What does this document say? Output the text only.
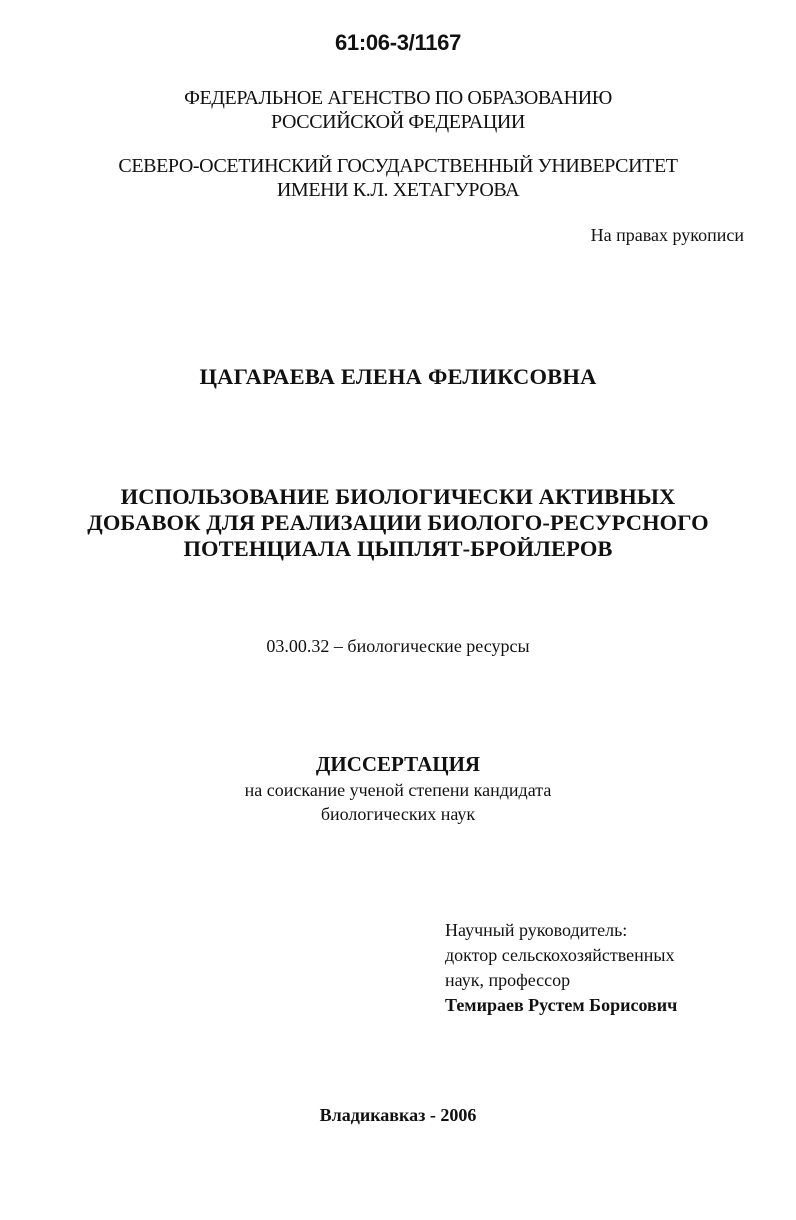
61:06-3/1167
ФЕДЕРАЛЬНОЕ АГЕНСТВО ПО ОБРАЗОВАНИЮ
РОССИЙСКОЙ ФЕДЕРАЦИИ
СЕВЕРО-ОСЕТИНСКИЙ ГОСУДАРСТВЕННЫЙ УНИВЕРСИТЕТ
ИМЕНИ К.Л. ХЕТАГУРОВА
На правах рукописи
ЦАГАРАЕВА ЕЛЕНА ФЕЛИКСОВНА
ИСПОЛЬЗОВАНИЕ БИОЛОГИЧЕСКИ АКТИВНЫХ
ДОБАВОК ДЛЯ РЕАЛИЗАЦИИ БИОЛОГО-РЕСУРСНОГО
ПОТЕНЦИАЛА ЦЫПЛЯТ-БРОЙЛЕРОВ
03.00.32 – биологические ресурсы
ДИССЕРТАЦИЯ
на соискание ученой степени кандидата
биологических наук
Научный руководитель:
доктор сельскохозяйственных
наук, профессор
Темираев Рустем Борисович
Владикавказ - 2006
